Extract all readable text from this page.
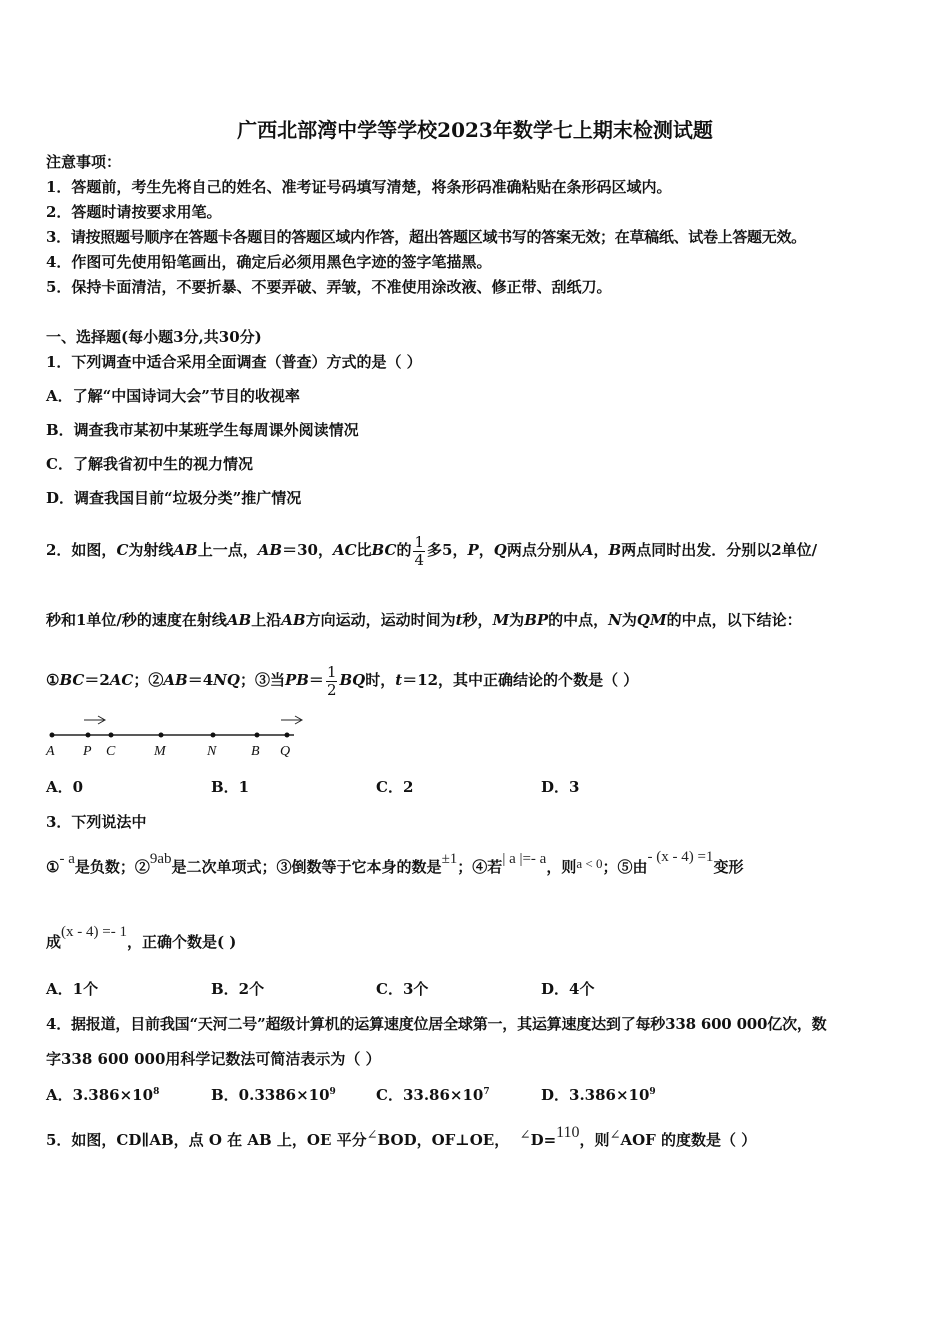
广西北部湾中学等学校2023年数学七上期末检测试题
注意事项：
1．答题前，考生先将自己的姓名、准考证号码填写清楚，将条形码准确粘贴在条形码区域内。
2．答题时请按要求用笔。
3．请按照题号顺序在答题卡各题目的答题区域内作答，超出答题区域书写的答案无效；在草稿纸、试卷上答题无效。
4．作图可先使用铅笔画出，确定后必须用黑色字迹的签字笔描黑。
5．保持卡面清洁，不要折暴、不要弄破、弄皱，不准使用涂改液、修正带、刮纸刀。
一、选择题(每小题3分,共30分)
1．下列调查中适合采用全面调查（普查）方式的是（ ）
A．了解“中国诗词大会”节目的收视率
B．调查我市某初中某班学生每周课外阅读情况
C．了解我省初中生的视力情况
D．调查我国目前“垃圾分类”推广情况
2．如图，C为射线AB上一点，AB＝30，AC比BC的 $\frac{1}{4}$ 多5，P，Q两点分别从A，B两点同时出发．分别以2单位/
秒和1单位/秒的速度在射线AB上沿AB方向运动，运动时间为t秒，M为BP的中点，N为QM的中点，以下结论：
①BC＝2AC；②AB＝4NQ；③当$PB= \frac{1}{2}$ BQ时，t＝12，其中正确结论的个数是（ ）
A P C	M	N B Q
A．0	B．1	C．2	D．3
3．下列说法中
①- a是负数；②9ab是二次单项式；③倒数等于它本身的数是±1；④若| a |=- a，则a < 0；⑤由- (x - 4) =1变形
成(x - 4) =- 1，正确个数是( )
A．1个	B．2个	C．3个	D．4个
4．据报道，目前我国“天河二号”超级计算机的运算速度位居全球第一，其运算速度达到了每秒338 600 000亿次，数
字338 600 000用科学记数法可简洁表示为（ ）
A．$3.386\times 10^8$	B．$0.3386\times 10^9$	C．$33.86\times 10^7$	D．$3.386\times 10^9$
5．如图，CD∥AB，点 O 在 AB 上，OE 平分∠BOD，OF⊥OE， ∠D=110，则∠AOF 的度数是（ ）
